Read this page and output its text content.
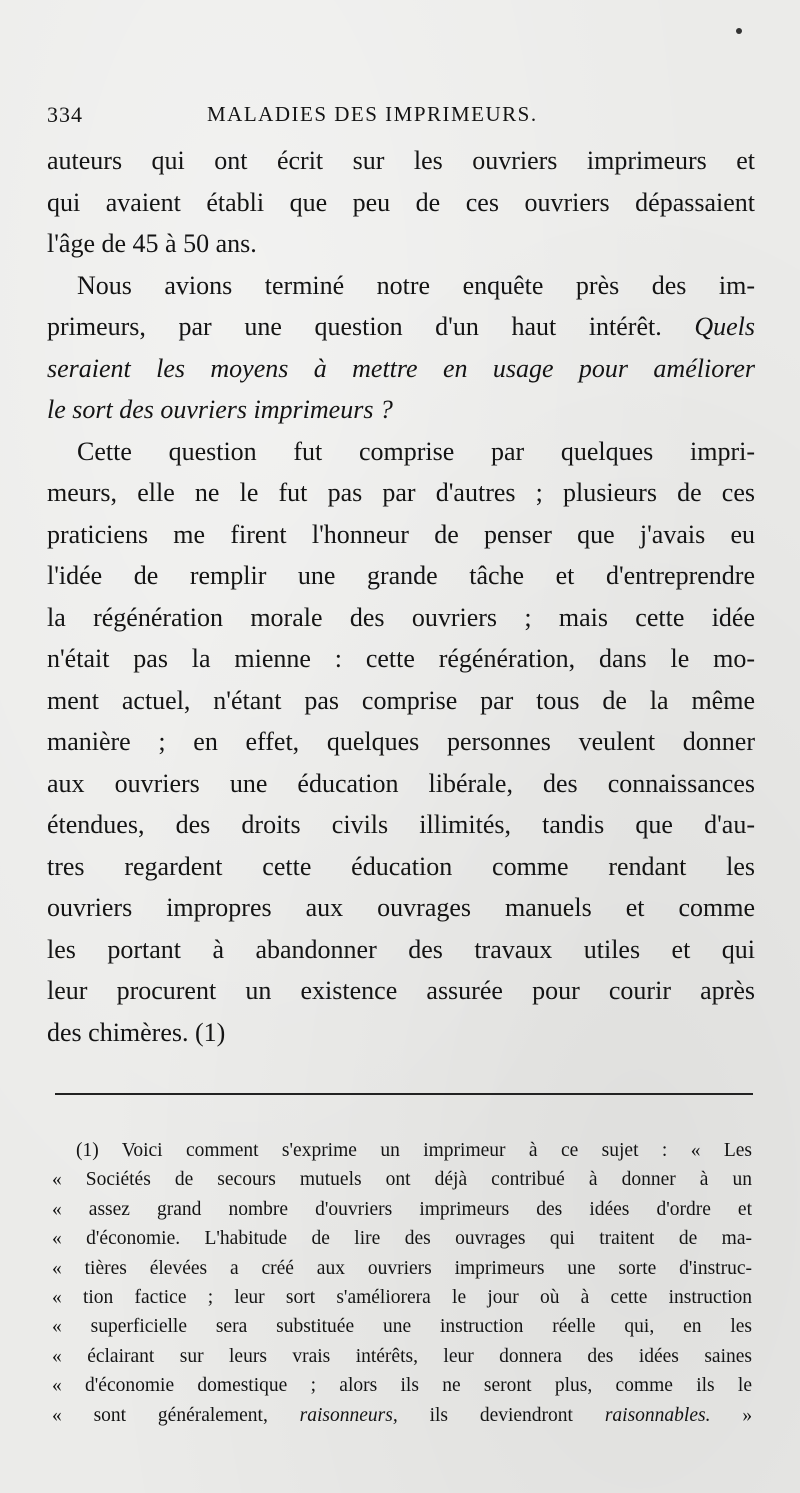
334	MALADIES DES IMPRIMEURS.

auteurs qui ont écrit sur les ouvriers imprimeurs et

qui avaient établi que peu de ces ouvriers dépassaient

l'âge de 45 à 50 ans.

Nous avions terminé notre enquête près des im-

primeurs, par une question d'un haut intérêt. Quels

seraient les moyens à mettre en usage pour améliorer

le sort des ouvriers imprimeurs ?

Cette question fut comprise par quelques impri-

meurs, elle ne le fut pas par d'autres ; plusieurs de ces

praticiens me firent l'honneur de penser que j'avais eu

l'idée de remplir une grande tâche et d'entreprendre

la régénération morale des ouvriers ; mais cette idée

n'était pas la mienne : cette régénération, dans le mo-

ment actuel, n'étant pas comprise par tous de la même

manière ; en effet, quelques personnes veulent donner

aux ouvriers une éducation libérale, des connaissances

étendues, des droits civils illimités, tandis que d'au-

tres regardent cette éducation comme rendant les

ouvriers impropres aux ouvrages manuels et comme

les portant à abandonner des travaux utiles et qui

leur procurent un existence assurée pour courir après

des chimères. (1)

(1) Voici comment s'exprime un imprimeur à ce sujet : « Les

« Sociétés de secours mutuels ont déjà contribué à donner à un

« assez grand nombre d'ouvriers imprimeurs des idées d'ordre et

« d'économie. L'habitude de lire des ouvrages qui traitent de ma-

« tières élevées a créé aux ouvriers imprimeurs une sorte d'instruc-

« tion factice ; leur sort s'améliorera le jour où à cette instruction

« superficielle sera substituée une instruction réelle qui, en les

« éclairant sur leurs vrais intérêts, leur donnera des idées saines

« d'économie domestique ; alors ils ne seront plus, comme ils le

« sont généralement, raisonneurs, ils deviendront raisonnables. »
